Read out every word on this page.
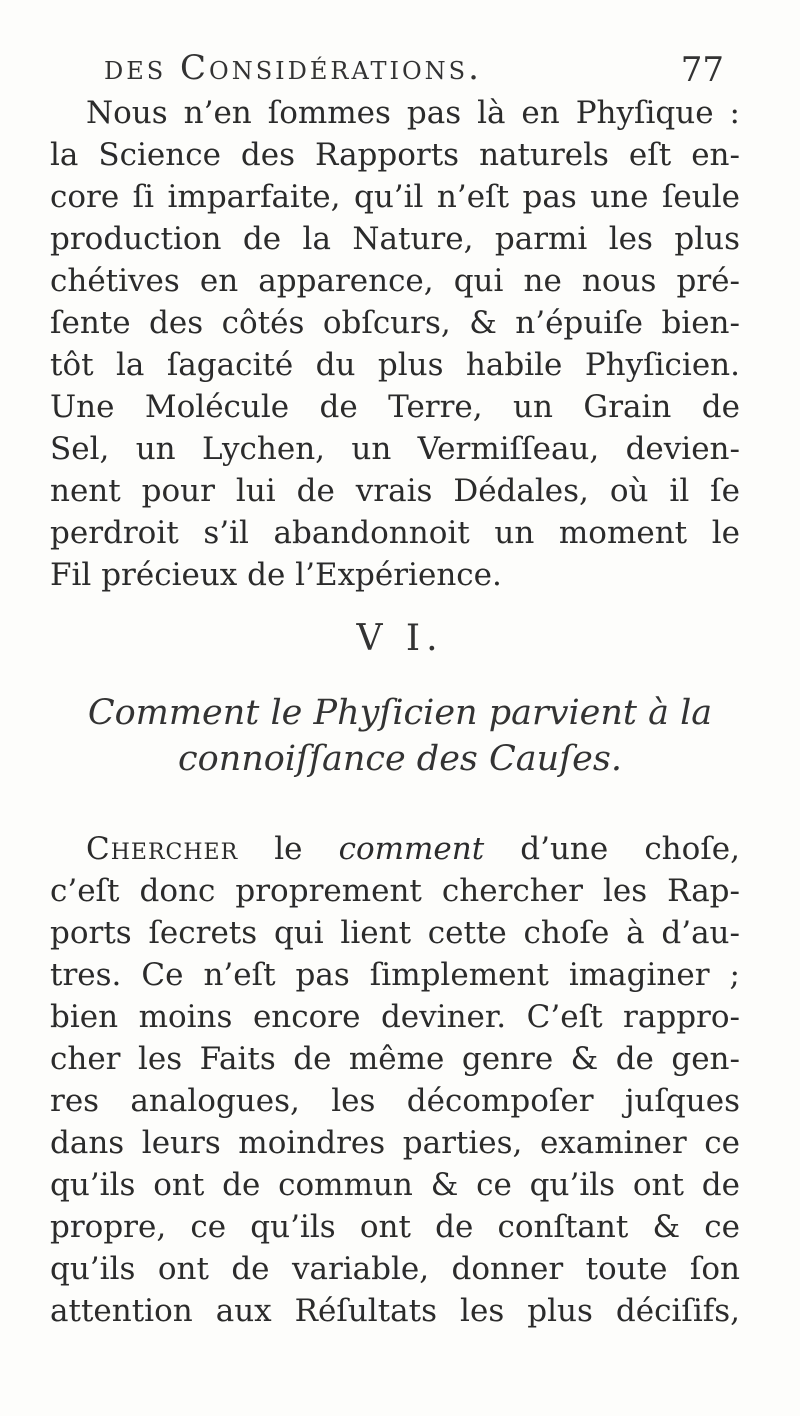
des Considérations.	77

Nous n’en ſommes pas là en Phyſique :
la Science des Rapports naturels eſt en-
core ſi imparfaite, qu’il n’eſt pas une ſeule
production de la Nature, parmi les plus
chétives en apparence, qui ne nous pré-
ſente des côtés obſcurs, & n’épuiſe bien-
tôt la ſagacité du plus habile Phyſicien.
Une Molécule de Terre, un Grain de
Sel, un Lychen, un Vermiſſeau, devien-
nent pour lui de vrais Dédales, où il ſe
perdroit s’il abandonnoit un moment le
Fil précieux de l’Expérience.

V I.
Comment le Phyſicien parvient à la
connoiſſance des Cauſes.

Chercher le comment d’une choſe,
c’eſt donc proprement chercher les Rap-
ports ſecrets qui lient cette choſe à d’au-
tres. Ce n’eſt pas ſimplement imaginer ;
bien moins encore deviner. C’eſt rappro-
cher les Faits de même genre & de gen-
res analogues, les décompoſer juſques
dans leurs moindres parties, examiner ce
qu’ils ont de commun & ce qu’ils ont de
propre, ce qu’ils ont de conſtant & ce
qu’ils ont de variable, donner toute ſon
attention aux Réſultats les plus déciſifs,
